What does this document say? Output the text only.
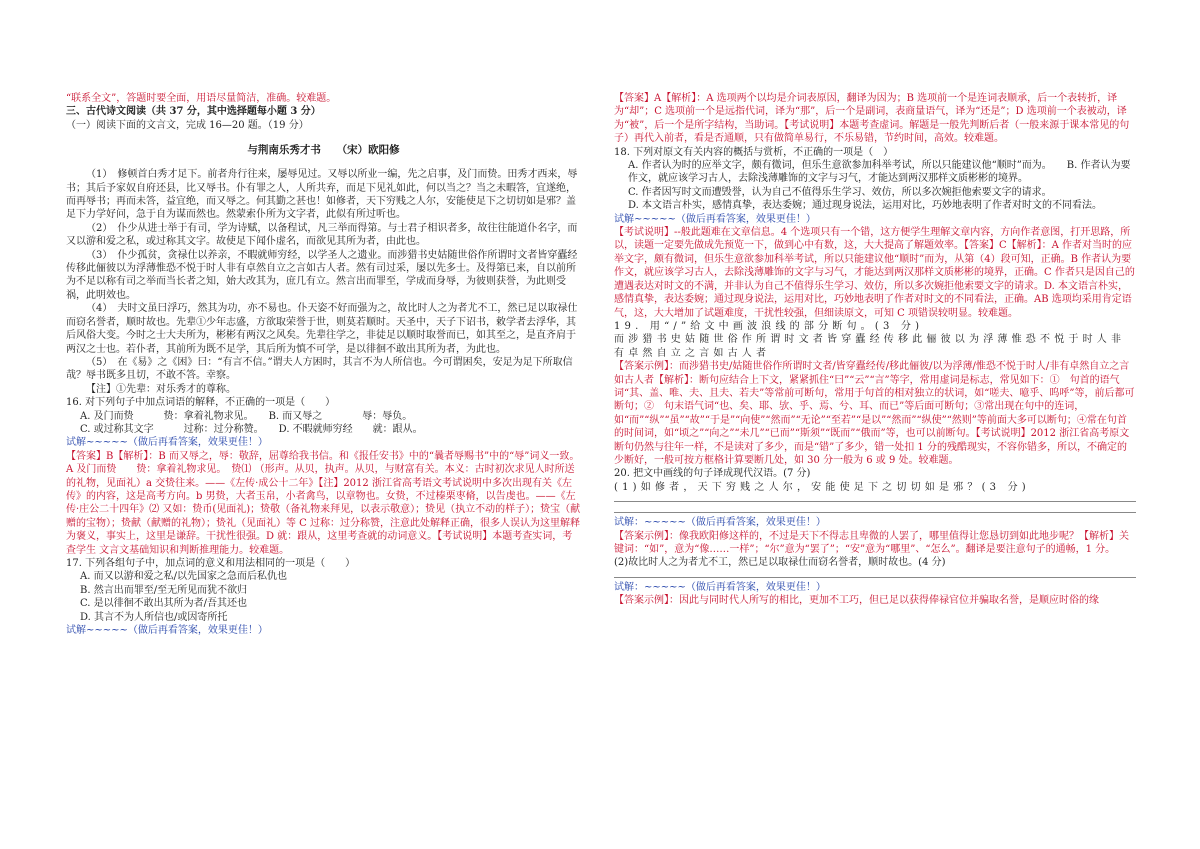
“联系全文”，答题时要全面，用语尽量简洁，准确。较难题。

三、古代诗文阅读（共 37 分，其中选择题每小题 3 分）

（一）阅读下面的文言文，完成 16—20 题。（19 分）

与荆南乐秀才书　　（宋）欧阳修

（1）　修顿首白秀才足下。前者舟行往来，屡辱见过。又辱以所业一编，先之启事，及门而贽。田秀才西来，辱书；其后予家奴自府还县，比又辱书。仆有罪之人，人所共弃，而足下见礼如此，何以当之？当之未暇答，宜遂绝，而再辱书；再而未答，益宜绝，而又辱之。何其勤之甚也！如修者，天下穷贱之人尔，安能使足下之切切如是邪？盖足下力学好问，急于自为谋而然也。然蒙索仆所为文字者，此似有所过听也。

（2）　仆少从进士举于有司，学为诗赋，以备程试，凡三举而得第。与士君子相识者多，故往往能道仆名字，而又以游和爱之私，或过称其文字。故使足下闻仆虚名，而欲见其所为者，由此也。

（3）　仆少孤贫，贪禄仕以养亲，不暇就师穷经，以学圣人之遗业。而涉猎书史姑随世俗作所谓时文者皆穿蠹经传移此俪彼以为浮薄惟恐不悦于时人非有卓然自立之言如古人者。然有司过采，屡以先多士。及得第已来，自以前所为不足以称有司之举而当长者之知，始大改其为，庶几有立。然言出而罪至，学成而身辱，为彼则获誉，为此则受祸，此明效也。

（4）　夫时文虽曰浮巧，然其为功，亦不易也。仆天姿不好而强为之，故比时人之为者尤不工，然已足以取禄仕而窃名誉者，顺时故也。先辈①少年志盛，方欲取荣誉于世，则莫若顺时。天圣中，天子下诏书，敕学者去浮华，其后风俗大变。今时之士大夫所为，彬彬有两汉之风矣。先辈往学之，非徒足以顺时取誉而已，如其至之，是直齐肩于两汉之士也。若仆者，其前所为既不足学，其后所为慎不可学，是以徘徊不敢出其所为者，为此也。

（5）　在《易》之《困》曰：“有言不信。”谓夫人方困时，其言不为人所信也。今可谓困矣，安足为足下所取信哉？辱书既多且切，不敢不答。幸察。

【注】①先辈：对乐秀才的尊称。

16. 对下列句子中加点词语的解释，不正确的一项是（　　）

A. 及门而贽　　　贽：拿着礼物求见。　　B. 而又辱之　　　　辱：辱负。

C. 或过称其文字　　　过称：过分称赞。　　D. 不暇就师穷经　　就：跟从。

试解~~~~~（做后再看答案，效果更佳！）

【答案】B【解析】：B 而又辱之，辱：敬辞，屈尊给我书信。和《报任安书》中的“曩者辱赐书”中的“辱”词义一致。A 及门而贽　　贽：拿着礼物求见。　贽⑴ （形声。从贝，执声。从贝，与财富有关。本义：古时初次求见人时所送的礼物，见面礼）a 交贽往来。——《左传·成公十二年》【注】2012 浙江省高考语文考试说明中多次出现有关《左传》的内容，这是高考方向。b 男贽，大者玉帛，小者禽鸟，以章物也。女贽，不过榛栗枣脩，以告虔也。——《左传·庄公二十四年》⑵ 又如：贽币(见面礼)；贽敬（备礼物来拜见，以表示敬意）；贽见（执立不动的样子）；贽宝（献赠的宝物）；贽献（献赠的礼物）；贽礼（见面礼）等 C 过称：过分称赞，注意此处解释正确，很多人误认为这里解释为褒义，事实上，这里是谦辞。干扰性很强。D 就：跟从，这里考查就的动词意义。【考试说明】本题考查实词，考查学生 文言文基础知识和判断推理能力。较难题。

17. 下列各组句子中，加点词的意义和用法相同的一项是（　　）

A. 而又以游和爱之私/以先国家之急而后私仇也

B. 然言出而罪至/至无所见而犹不欲归

C. 是以徘徊不敢出其所为者/吾其还也

D. 其言不为人所信也/或因寄所托

试解~~~~~（做后再看答案，效果更佳！）

【答案】A【解析】：A 选项两个以均是介词表原因，翻译为因为；B 选项前一个是连词表顺承，后一个表转折，译为“却”；C 选项前一个是远指代词，译为“那”，后一个是副词，表商量语气，译为“还是”；D 选项前一个表被动，译为“被”，后一个是所字结构，当助词。【考试说明】本题考查虚词。解题是一般先判断后者（一般来源于课本常见的句子）再代入前者，看是否通顺，只有做简单易行，不乐易错，节约时间，高效。较难题。

18. 下列对原文有关内容的概括与赏析，不正确的一项是（　）

A. 作者认为时的应举文字，颇有微词，但乐生意欲参加科举考试，所以只能建议他“顺时”而为。　　B. 作者认为要作文，就应该学习古人，去除浅薄雕饰的文字与习气，才能达到两汉那样文质彬彬的境界。

C. 作者因写时文而遭毁誉，认为自己不值得乐生学习、效仿，所以多次婉拒他索要文字的请求。

D. 本文语言朴实，感情真挚，表达委婉；通过现身说法，运用对比，巧妙地表明了作者对时文的不同看法。

试解~~~~~（做后再看答案，效果更佳！）

【考试说明】--般此题难在文章信息。4 个选项只有一个错，这方便学生理解文章内容，方向作者意图，打开思路，所以，读题一定要先做成先预览一下，做到心中有数，这，大大提高了解题效率。【答案】C【解析】：A 作者对当时的应举文字，颇有微词，但乐生意欲参加科举考试，所以只能建议他“顺时”而为，从第（4）段可知，正确。B 作者认为要作文，就应该学习古人，去除浅薄雕饰的文字与习气，才能达到两汉那样文质彬彬的境界，正确。C 作者只是因自己的遭遇表达对时文的不满，并非认为自己不值得乐生学习、效仿，所以多次婉拒他索要文字的请求。D. 本文语言朴实，感情真挚，表达委婉；通过现身说法，运用对比，巧妙地表明了作者对时文的不同看法，正确。AB 选项均采用肯定语气，这，大大增加了试题难度，干扰性较强，但细读原文，可知 C 项错误较明显。较难题。

19. 用“/”给文中画波浪线的部分断句。(3 分)

而涉猎书史姑随世俗作所谓时文者皆穿蠹经传移此俪彼以为浮薄惟恐不悦于时人非有卓然自立之言如古人者

【答案示例】：而涉猎书史/姑随世俗作所谓时文者/皆穿蠹经传/移此俪彼/以为浮薄/惟恐不悦于时人/非有卓然自立之言如古人者【解析】：断句应结合上下文，紧紧抓住“曰”“云”“言”等字，常用虚词是标志，常见如下：①　句首的语气词“其、盖、唯、夫、且夫、若夫”等常前可断句，常用于句首的相对独立的状词，如“嗟夫、噫乎、呜呼”等，前后都可断句；②　句末语气词“也、矣、耶、欤、乎、焉、兮、耳、而已”等后面可断句；③常出现在句中的连词，如“而”“纵”“虽”“故”“于是”“向使”“然而”“无论”“至若”“是以”“然而”“纵使”“然则”等前面大多可以断句；④常在句首的时间词，如“顷之”“向之”“未几”“已而”“斯须”“既而”“俄而”等，也可以前断句。【考试说明】2012 浙江省高考原文断句仍然与往年一样，不是读对了多少，而是“错”了多少，错一处扣 1 分的残酷现实，不容你错多，所以，不确定的少断好，一般可按方框格计算要断几处，如 30 分一般为 6 或 9 处。较难题。

20. 把文中画线的句子译成现代汉语。(7 分)

(1)如修者，天下穷贱之人尔，安能使足下之切切如是邪？(3 分)

试解：~~~~~（做后再看答案，效果更佳！）

【答案示例】：像我欧阳修这样的，不过是天下不得志且卑微的人罢了，哪里值得让您恳切到如此地步呢？【解析】关键词：“如”，意为“像……一样”；“尔”意为“罢了”；“安”意为“哪里”、“怎么”。翻译是要注意句子的通畅，1 分。

(2)故比时人之为者尤不工，然已足以取禄仕而窃名誉者，顺时故也。(4 分)

试解：~~~~~（做后再看答案，效果更佳！）

【答案示例】：因此与同时代人所写的相比，更加不工巧，但已足以获得俸禄官位并骗取名誉，是顺应时俗的缘
